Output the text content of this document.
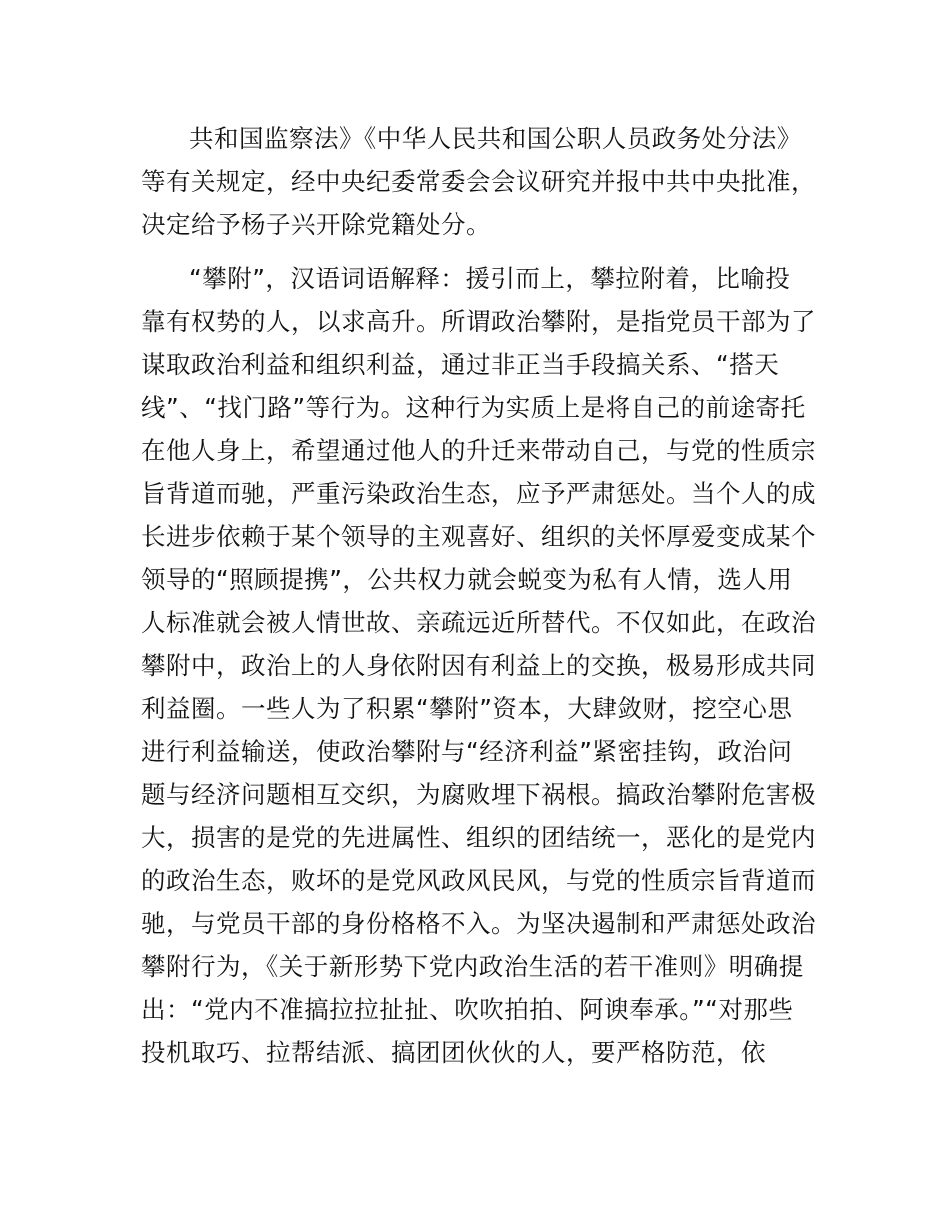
共和国监察法》《中华人民共和国公职人员政务处分法》
等有关规定，经中央纪委常委会会议研究并报中共中央批准，
决定给予杨子兴开除党籍处分。
“攀附”，汉语词语解释：援引而上，攀拉附着，比喻投
靠有权势的人，以求高升。所谓政治攀附，是指党员干部为了
谋取政治利益和组织利益，通过非正当手段搞关系、“搭天
线”、“找门路”等行为。这种行为实质上是将自己的前途寄托
在他人身上，希望通过他人的升迁来带动自己，与党的性质宗
旨背道而驰，严重污染政治生态，应予严肃惩处。当个人的成
长进步依赖于某个领导的主观喜好、组织的关怀厚爱变成某个
领导的“照顾提携”，公共权力就会蜕变为私有人情，选人用
人标准就会被人情世故、亲疏远近所替代。不仅如此，在政治
攀附中，政治上的人身依附因有利益上的交换，极易形成共同
利益圈。一些人为了积累“攀附”资本，大肆敛财，挖空心思
进行利益输送，使政治攀附与“经济利益”紧密挂钩，政治问
题与经济问题相互交织，为腐败埋下祸根。搞政治攀附危害极
大，损害的是党的先进属性、组织的团结统一，恶化的是党内
的政治生态，败坏的是党风政风民风，与党的性质宗旨背道而
驰，与党员干部的身份格格不入。为坚决遏制和严肃惩处政治
攀附行为，《关于新形势下党内政治生活的若干准则》明确提
出：“党内不准搞拉拉扯扯、吹吹拍拍、阿谀奉承。”“对那些
投机取巧、拉帮结派、搞团团伙伙的人，要严格防范，依
